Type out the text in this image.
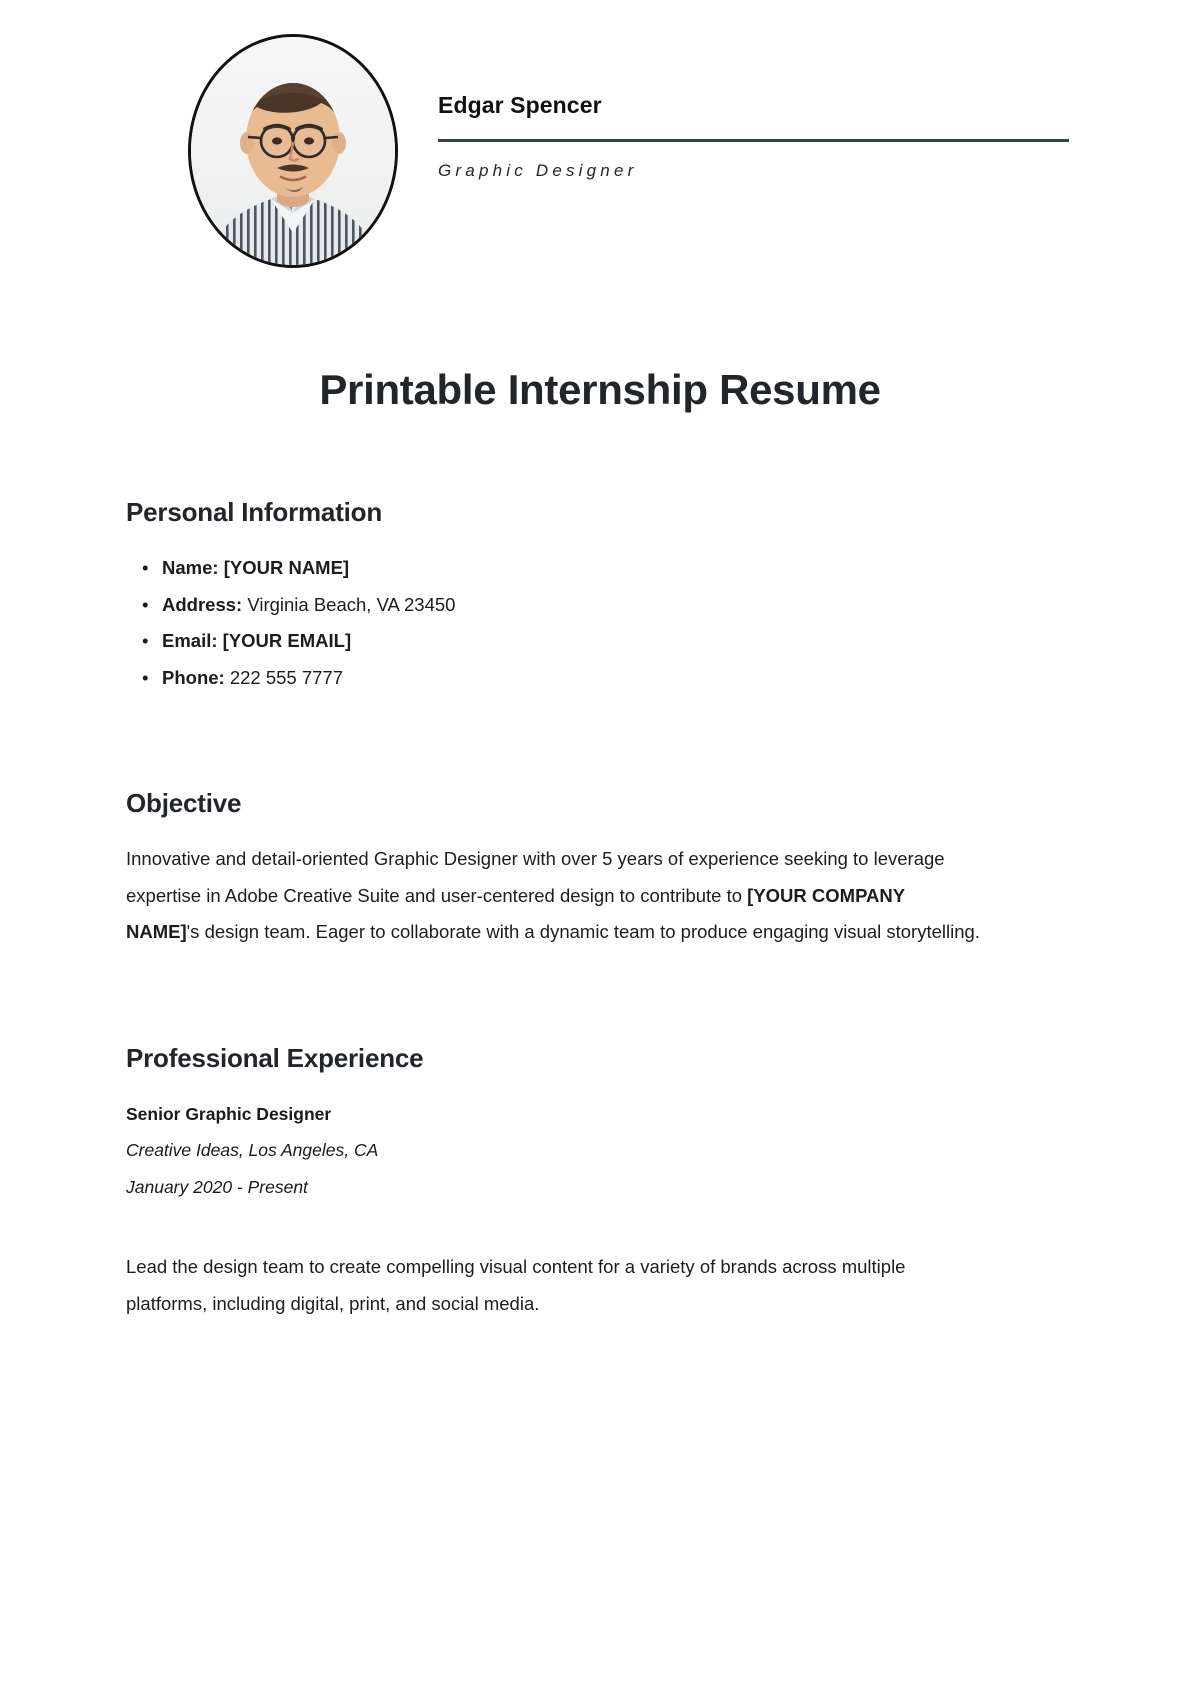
Edgar Spencer
Graphic Designer
Printable Internship Resume
Personal Information
• Name: [YOUR NAME]
• Address: Virginia Beach, VA 23450
• Email: [YOUR EMAIL]
• Phone: 222 555 7777
Objective

Innovative and detail-oriented Graphic Designer with over 5 years of experience seeking to leverage expertise in Adobe Creative Suite and user-centered design to contribute to [YOUR COMPANY NAME]'s design team. Eager to collaborate with a dynamic team to produce engaging visual storytelling.

Professional Experience

Senior Graphic Designer

Creative Ideas, Los Angeles, CA

January 2020 - Present

Lead the design team to create compelling visual content for a variety of brands across multiple platforms, including digital, print, and social media.
